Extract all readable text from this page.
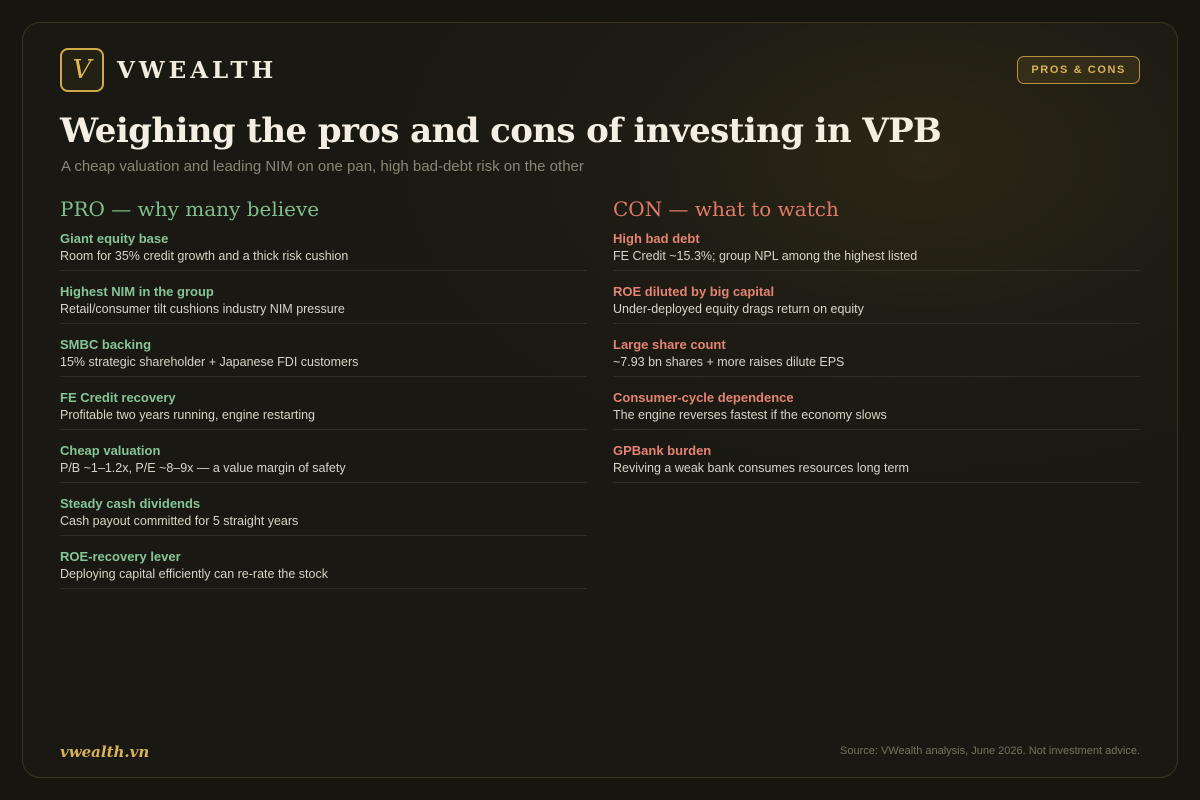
V VWEALTH	PROS & CONS
Weighing the pros and cons of investing in VPB
A cheap valuation and leading NIM on one pan, high bad-debt risk on the other
PRO — why many believe
Giant equity base
Room for 35% credit growth and a thick risk cushion
Highest NIM in the group
Retail/consumer tilt cushions industry NIM pressure
SMBC backing
15% strategic shareholder + Japanese FDI customers
FE Credit recovery
Profitable two years running, engine restarting
Cheap valuation
P/B ~1–1.2x, P/E ~8–9x — a value margin of safety
Steady cash dividends
Cash payout committed for 5 straight years
ROE-recovery lever
Deploying capital efficiently can re-rate the stock
CON — what to watch
High bad debt
FE Credit ~15.3%; group NPL among the highest listed
ROE diluted by big capital
Under-deployed equity drags return on equity
Large share count
~7.93 bn shares + more raises dilute EPS
Consumer-cycle dependence
The engine reverses fastest if the economy slows
GPBank burden
Reviving a weak bank consumes resources long term
vwealth.vn	Source: VWealth analysis, June 2026. Not investment advice.
